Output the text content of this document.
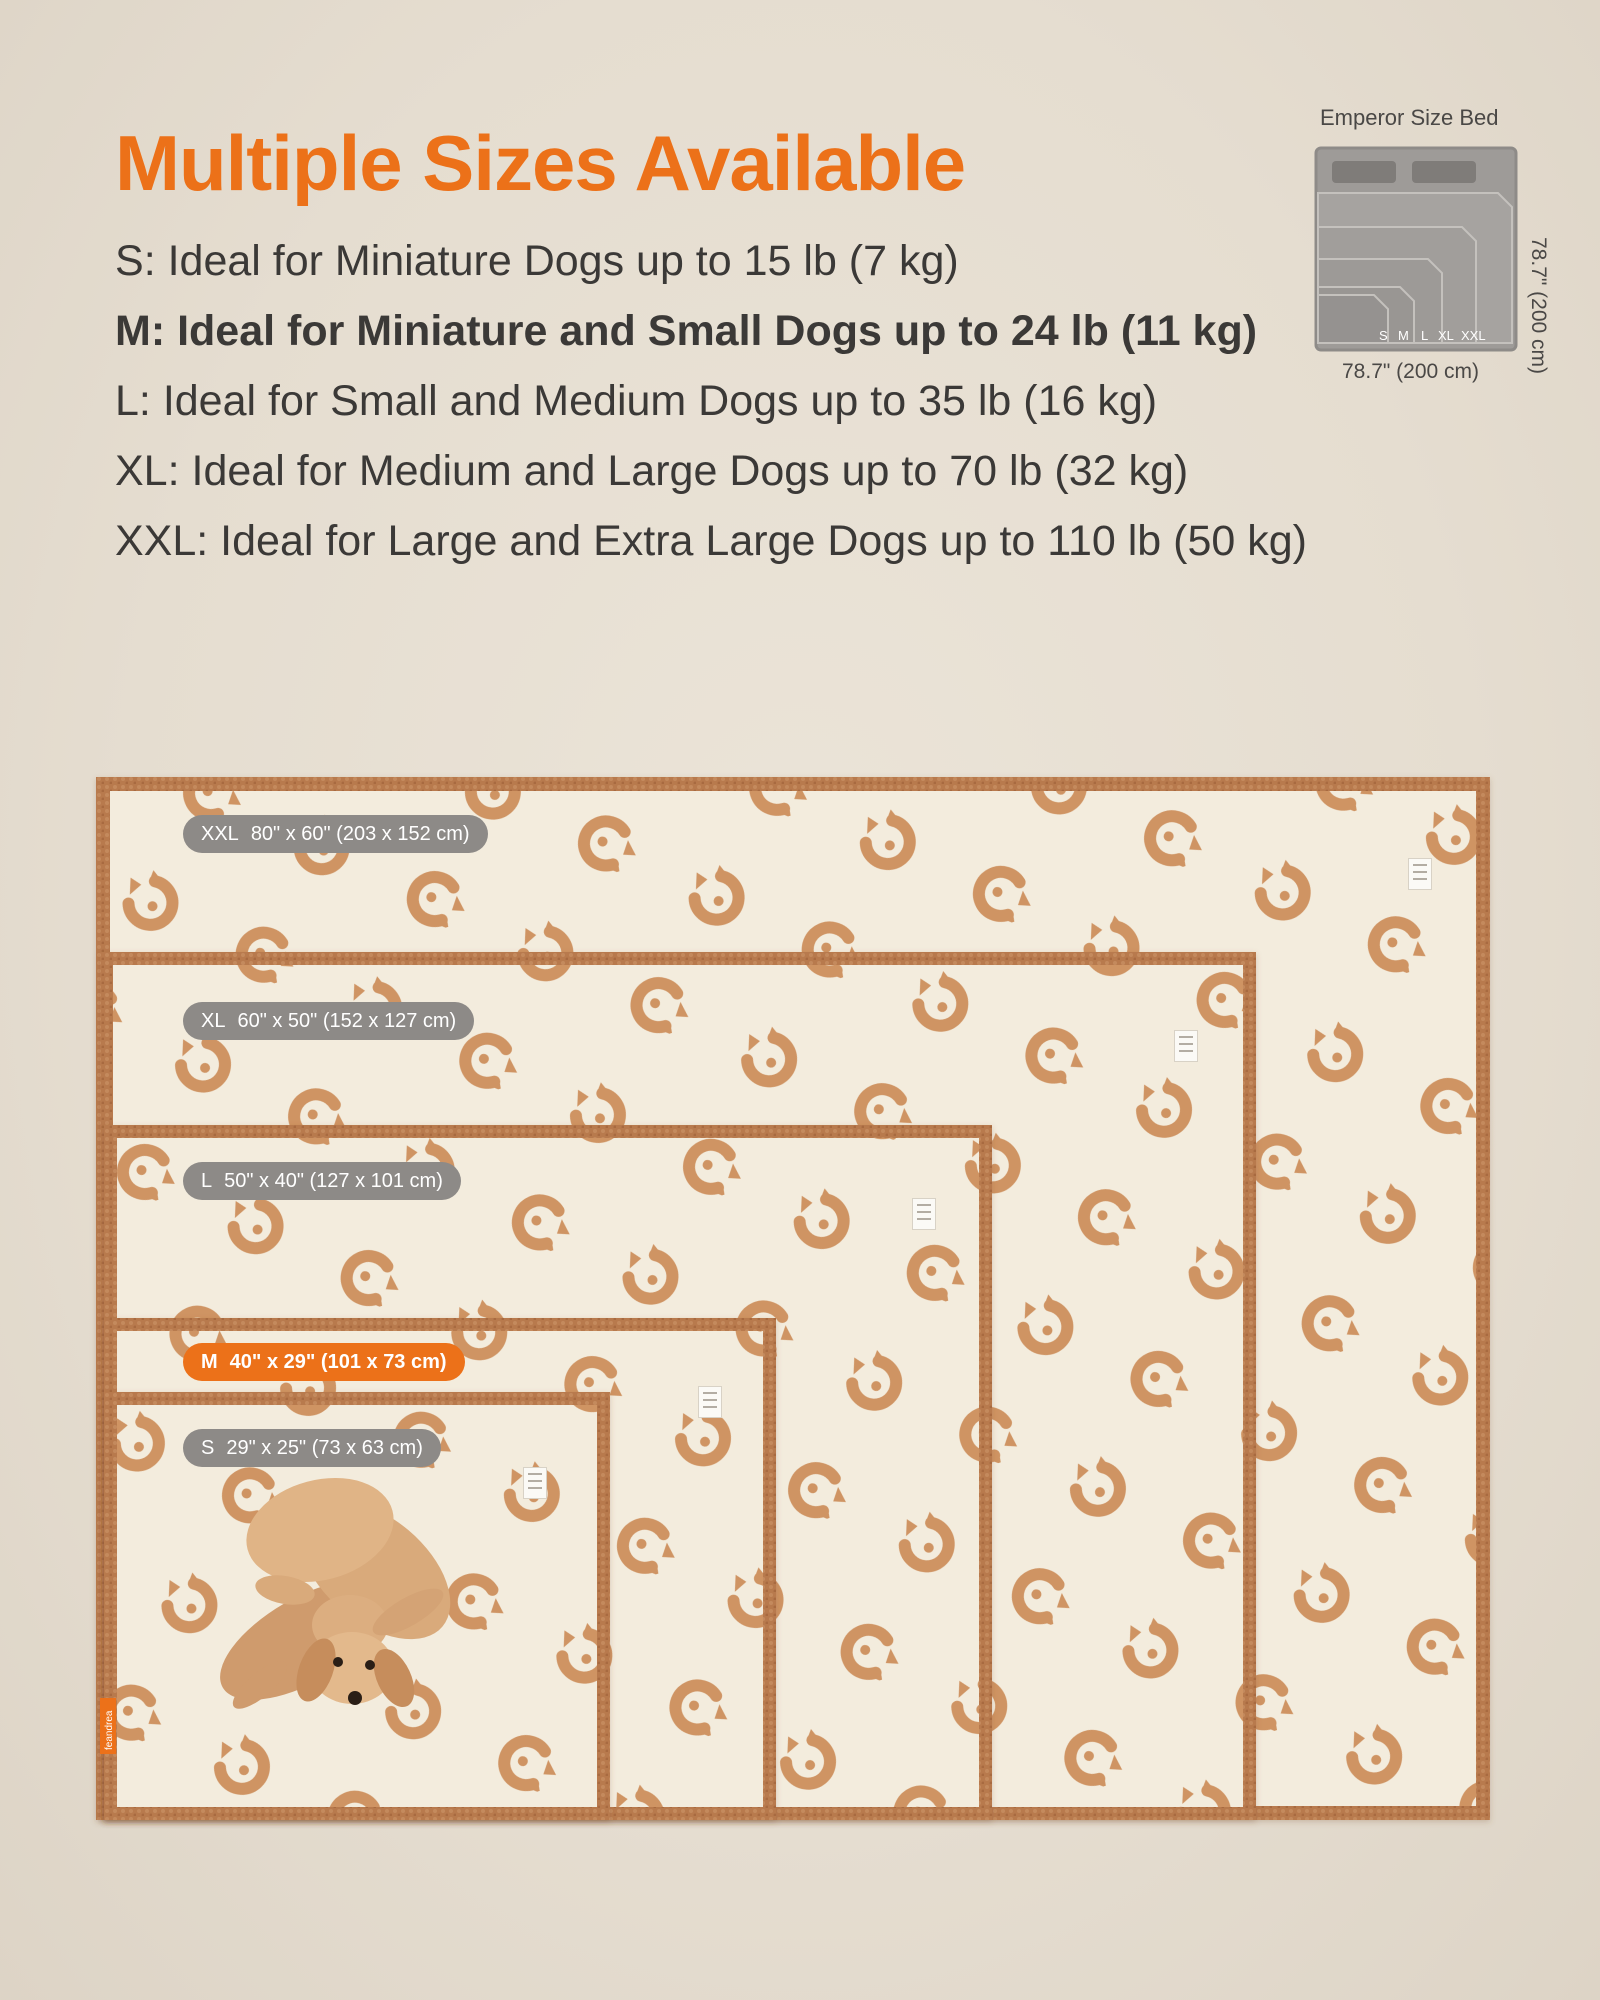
Multiple Sizes Available
S: Ideal for Miniature Dogs up to 15 lb (7 kg)
M: Ideal for Miniature and Small Dogs up to 24 lb (11 kg)
L: Ideal for Small and Medium Dogs up to 35 lb (16 kg)
XL: Ideal for Medium and Large Dogs up to 70 lb (32 kg)
XXL: Ideal for Large and Extra Large Dogs up to 110 lb (50 kg)
Emperor Size Bed
S M L XL XXL
78.7" (200 cm) 78.7" (200 cm)
feandrea
XXL 80" x 60" (203 x 152 cm)
XL 60" x 50" (152 x 127 cm)
L 50" x 40" (127 x 101 cm)
M 40" x 29" (101 x 73 cm)
S 29" x 25" (73 x 63 cm)
